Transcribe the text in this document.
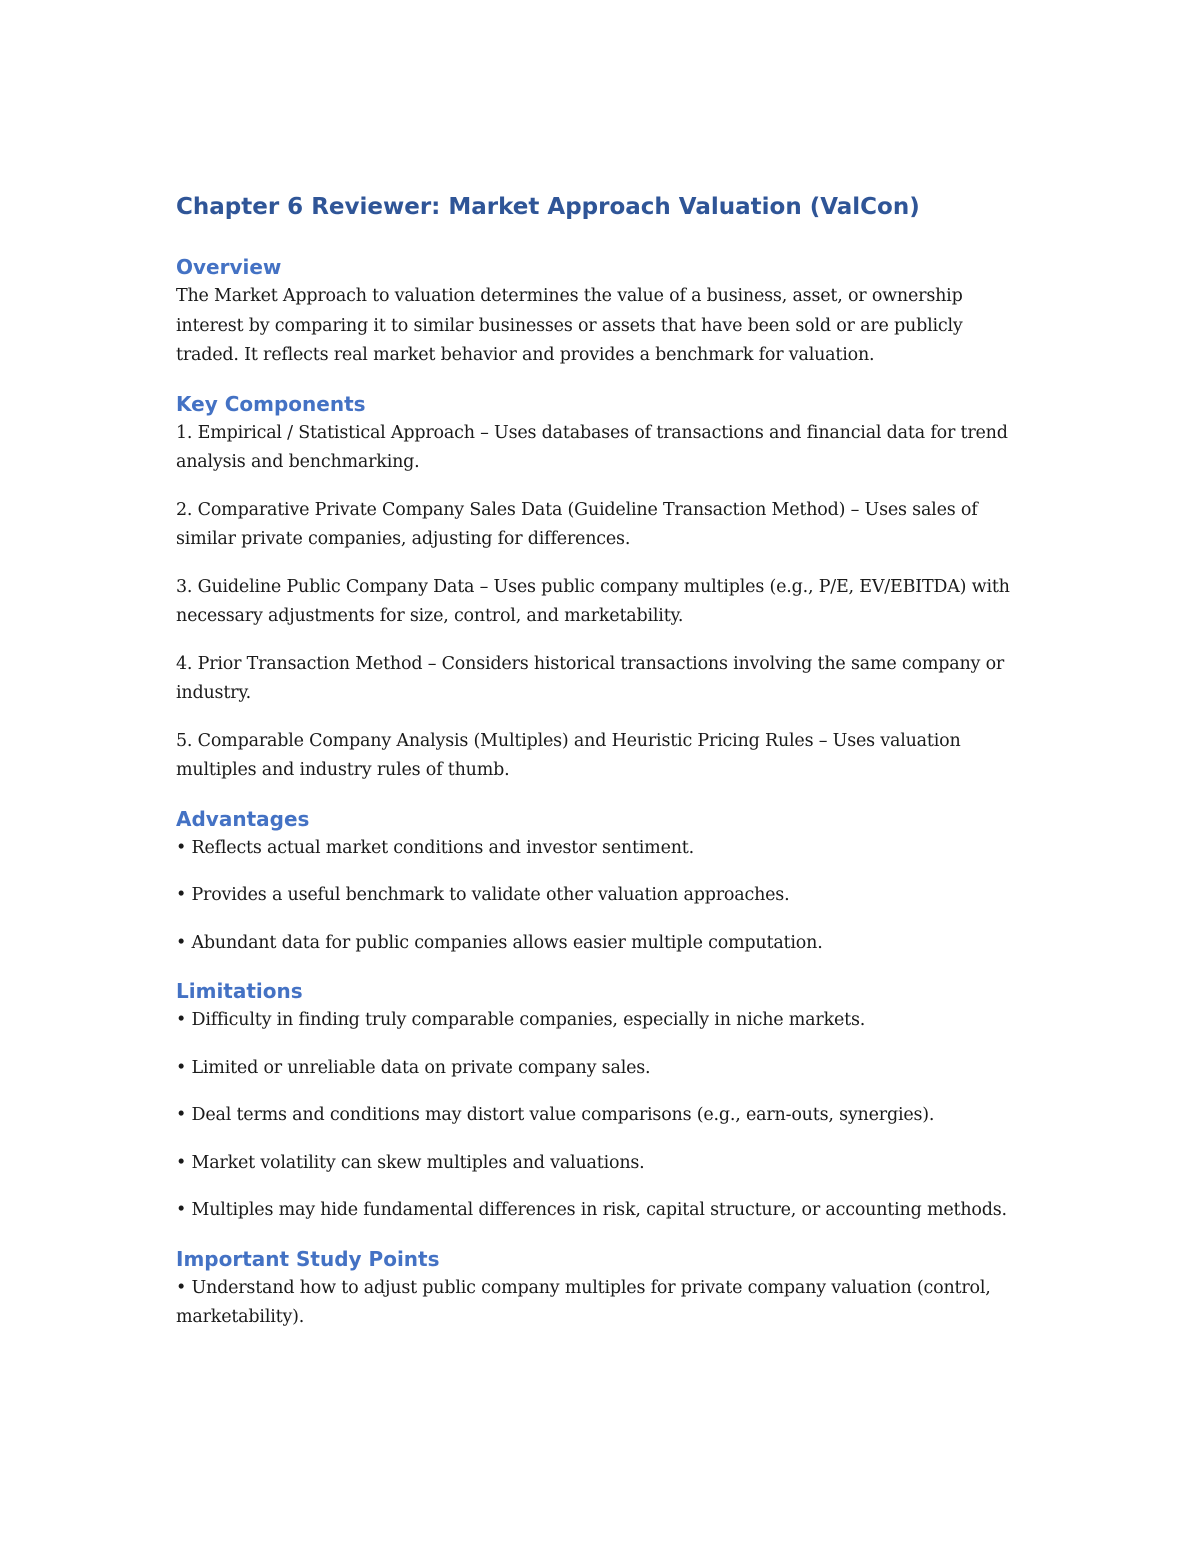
Chapter 6 Reviewer: Market Approach Valuation (ValCon)
Overview

The Market Approach to valuation determines the value of a business, asset, or ownership interest by comparing it to similar businesses or assets that have been sold or are publicly traded. It reflects real market behavior and provides a benchmark for valuation.

Key Components

1. Empirical / Statistical Approach – Uses databases of transactions and financial data for trend analysis and benchmarking.

2. Comparative Private Company Sales Data (Guideline Transaction Method) – Uses sales of similar private companies, adjusting for differences.

3. Guideline Public Company Data – Uses public company multiples (e.g., P/E, EV/EBITDA) with necessary adjustments for size, control, and marketability.

4. Prior Transaction Method – Considers historical transactions involving the same company or industry.

5. Comparable Company Analysis (Multiples) and Heuristic Pricing Rules – Uses valuation multiples and industry rules of thumb.

Advantages

• Reflects actual market conditions and investor sentiment.

• Provides a useful benchmark to validate other valuation approaches.

• Abundant data for public companies allows easier multiple computation.

Limitations

• Difficulty in finding truly comparable companies, especially in niche markets.

• Limited or unreliable data on private company sales.

• Deal terms and conditions may distort value comparisons (e.g., earn-outs, synergies).

• Market volatility can skew multiples and valuations.

• Multiples may hide fundamental differences in risk, capital structure, or accounting methods.

Important Study Points

• Understand how to adjust public company multiples for private company valuation (control, marketability).
